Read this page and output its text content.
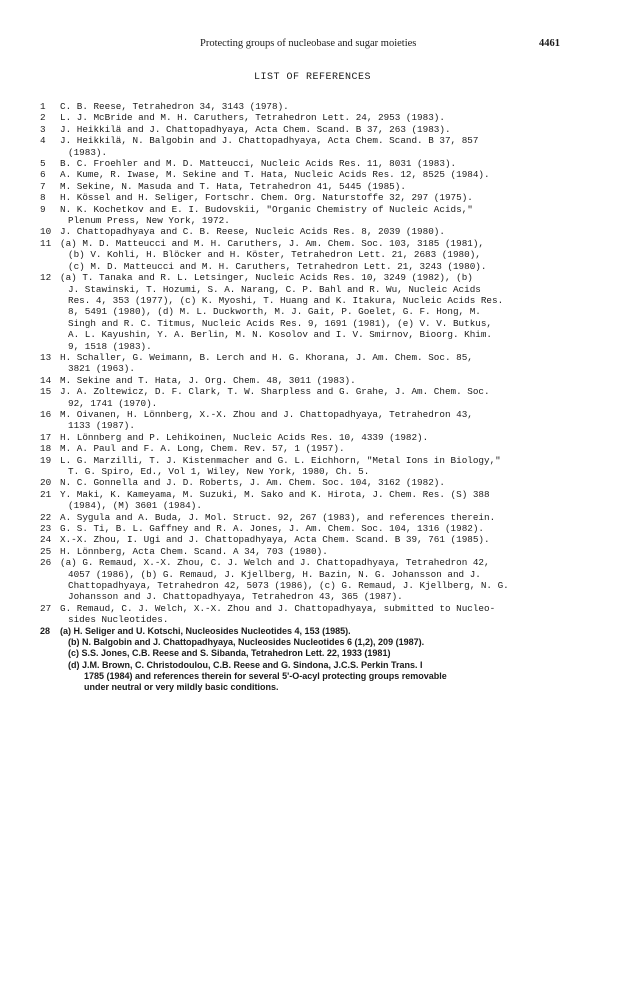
Protecting groups of nucleobase and sugar moieties	4461
LIST OF REFERENCES
1	C. B. Reese, Tetrahedron 34, 3143 (1978).
2	L. J. McBride and M. H. Caruthers, Tetrahedron Lett. 24, 2953 (1983).
3	J. Heikkilä and J. Chattopadhyaya, Acta Chem. Scand. B 37, 263 (1983).
4	J. Heikkilä, N. Balgobin and J. Chattopadhyaya, Acta Chem. Scand. B 37, 857
(1983).
5	B. C. Froehler and M. D. Matteucci, Nucleic Acids Res. 11, 8031 (1983).
6	A. Kume, R. Iwase, M. Sekine and T. Hata, Nucleic Acids Res. 12, 8525 (1984).
7	M. Sekine, N. Masuda and T. Hata, Tetrahedron 41, 5445 (1985).
8	H. Kössel and H. Seliger, Fortschr. Chem. Org. Naturstoffe 32, 297 (1975).
9	N. K. Kochetkov and E. I. Budovskii, "Organic Chemistry of Nucleic Acids,"
Plenum Press, New York, 1972.
10 J. Chattopadhyaya and C. B. Reese, Nucleic Acids Res. 8, 2039 (1980).
11 (a) M. D. Matteucci and M. H. Caruthers, J. Am. Chem. Soc. 103, 3185 (1981),
(b) V. Kohli, H. Blöcker and H. Köster, Tetrahedron Lett. 21, 2683 (1980),
(c) M. D. Matteucci and M. H. Caruthers, Tetrahedron Lett. 21, 3243 (1980).
12 (a) T. Tanaka and R. L. Letsinger, Nucleic Acids Res. 10, 3249 (1982), (b)
J. Stawinski, T. Hozumi, S. A. Narang, C. P. Bahl and R. Wu, Nucleic Acids
Res. 4, 353 (1977), (c) K. Myoshi, T. Huang and K. Itakura, Nucleic Acids Res.
8, 5491 (1980), (d) M. L. Duckworth, M. J. Gait, P. Goelet, G. F. Hong, M.
Singh and R. C. Titmus, Nucleic Acids Res. 9, 1691 (1981), (e) V. V. Butkus,
A. L. Kayushin, Y. A. Berlin, M. N. Kosolov and I. V. Smirnov, Bioorg. Khim.
9, 1518 (1983).
13 H. Schaller, G. Weimann, B. Lerch and H. G. Khorana, J. Am. Chem. Soc. 85,
3821 (1963).
14 M. Sekine and T. Hata, J. Org. Chem. 48, 3011 (1983).
15 J. A. Zoltewicz, D. F. Clark, T. W. Sharpless and G. Grahe, J. Am. Chem. Soc.
92, 1741 (1970).
16 M. Oivanen, H. Lönnberg, X.-X. Zhou and J. Chattopadhyaya, Tetrahedron 43,
1133 (1987).
17 H. Lönnberg and P. Lehikoinen, Nucleic Acids Res. 10, 4339 (1982).
18 M. A. Paul and F. A. Long, Chem. Rev. 57, 1 (1957).
19 L. G. Marzilli, T. J. Kistenmacher and G. L. Eichhorn, "Metal Ions in Biology,"
T. G. Spiro, Ed., Vol 1, Wiley, New York, 1980, Ch. 5.
20 N. C. Gonnella and J. D. Roberts, J. Am. Chem. Soc. 104, 3162 (1982).
21 Y. Maki, K. Kameyama, M. Suzuki, M. Sako and K. Hirota, J. Chem. Res. (S) 388
(1984), (M) 3601 (1984).
22 A. Sygula and A. Buda, J. Mol. Struct. 92, 267 (1983), and references therein.
23 G. S. Ti, B. L. Gaffney and R. A. Jones, J. Am. Chem. Soc. 104, 1316 (1982).
24 X.-X. Zhou, I. Ugi and J. Chattopadhyaya, Acta Chem. Scand. B 39, 761 (1985).
25 H. Lönnberg, Acta Chem. Scand. A 34, 703 (1980).
26 (a) G. Remaud, X.-X. Zhou, C. J. Welch and J. Chattopadhyaya, Tetrahedron 42,
4057 (1986), (b) G. Remaud, J. Kjellberg, H. Bazin, N. G. Johansson and J.
Chattopadhyaya, Tetrahedron 42, 5073 (1986), (c) G. Remaud, J. Kjellberg, N. G.
Johansson and J. Chattopadhyaya, Tetrahedron 43, 365 (1987).
27 G. Remaud, C. J. Welch, X.-X. Zhou and J. Chattopadhyaya, submitted to Nucleo-
sides Nucleotides.
28	(a) H. Seliger and U. Kotschi, Nucleosides Nucleotides 4, 153 (1985).
(b) N. Balgobin and J. Chattopadhyaya, Nucleosides Nucleotides 6 (1,2), 209 (1987).
(c) S.S. Jones, C.B. Reese and S. Sibanda, Tetrahedron Lett. 22, 1933 (1981)
(d) J.M. Brown, C. Christodoulou, C.B. Reese and G. Sindona, J.C.S. Perkin Trans. I
1785 (1984) and references therein for several 5'-O-acyl protecting groups removable
under neutral or very mildly basic conditions.
